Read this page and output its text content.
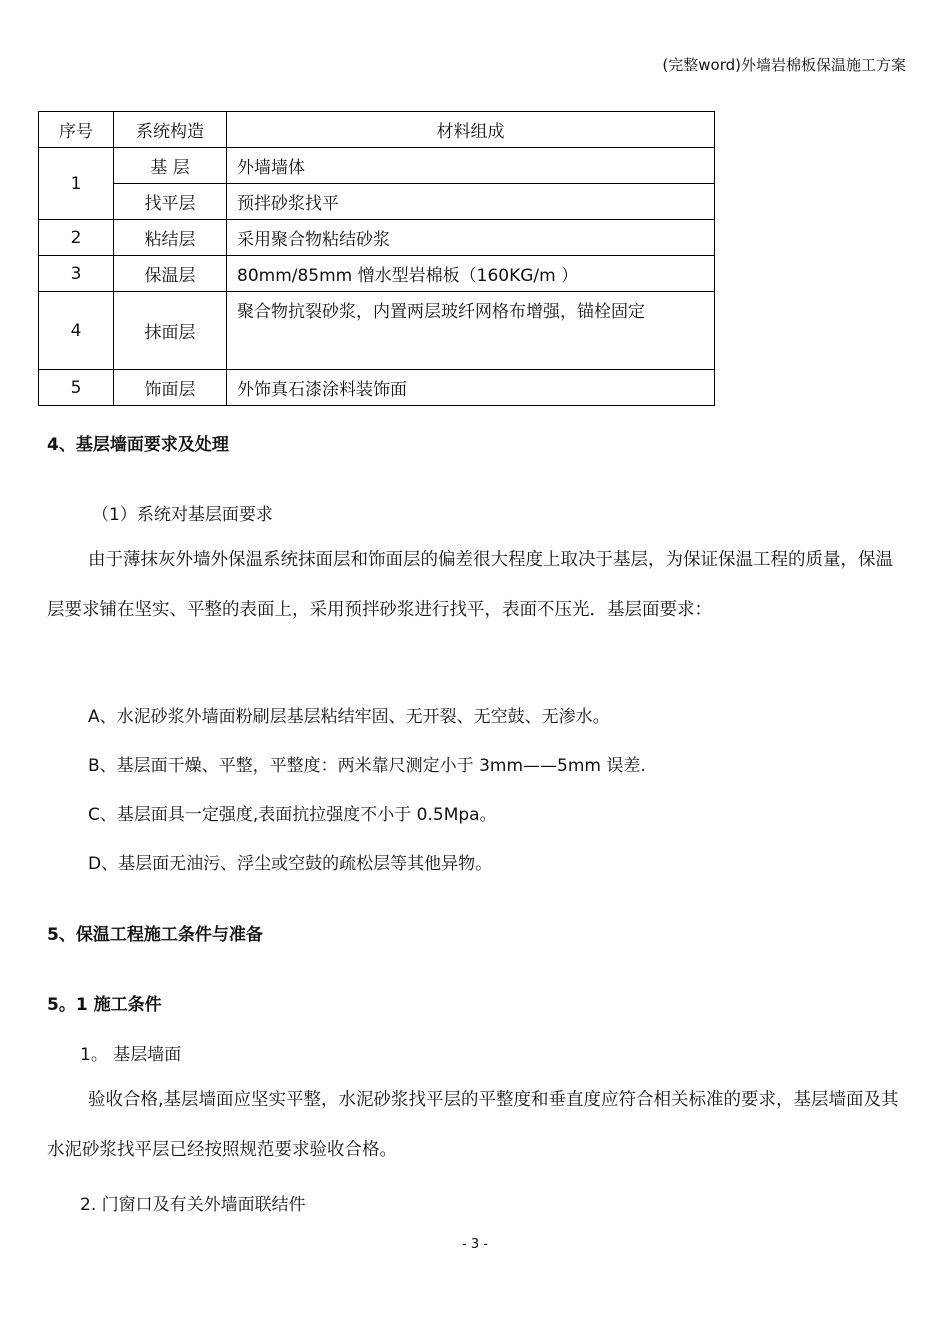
(完整word)外墙岩棉板保温施工方案
序号	系统构造	材料组成
1	基 层	外墙墙体
	找平层	预拌砂浆找平
2	粘结层	采用聚合物粘结砂浆
3	保温层	80mm/85mm 憎水型岩棉板（160KG/m ）
4	抹面层	聚合物抗裂砂浆，内置两层玻纤网格布增强，锚栓固定
5	饰面层	外饰真石漆涂料装饰面
4、基层墙面要求及处理
（1）系统对基层面要求
由于薄抹灰外墙外保温系统抹面层和饰面层的偏差很大程度上取决于基层，为保证保温工程的质量，保温层要求铺在坚实、平整的表面上，采用预拌砂浆进行找平，表面不压光．基层面要求：
A、水泥砂浆外墙面粉刷层基层粘结牢固、无开裂、无空鼓、无渗水。
B、基层面干燥、平整，平整度：两米靠尺测定小于 3mm——5mm 误差.
C、基层面具一定强度,表面抗拉强度不小于 0.5Mpa。
D、基层面无油污、浮尘或空鼓的疏松层等其他异物。
5、保温工程施工条件与准备
5。1 施工条件
1。 基层墙面
验收合格,基层墙面应坚实平整，水泥砂浆找平层的平整度和垂直度应符合相关标准的要求，基层墙面及其水泥砂浆找平层已经按照规范要求验收合格。
2. 门窗口及有关外墙面联结件
- 3 -
